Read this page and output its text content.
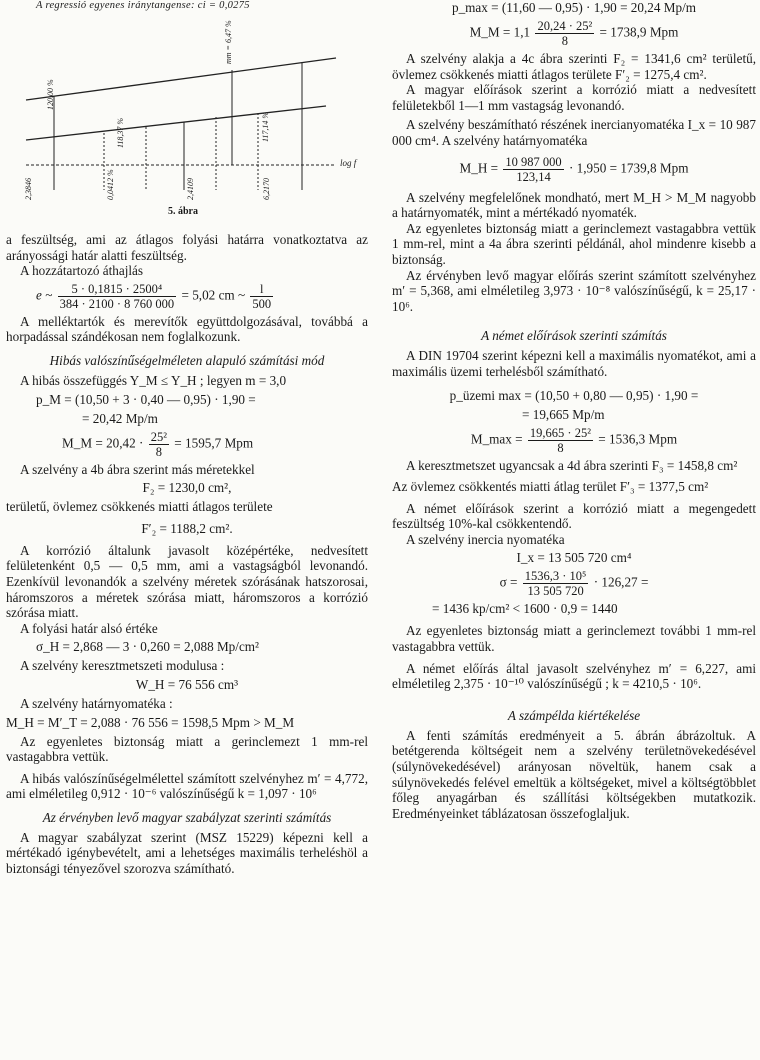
A regressió egyenes iránytangense: ci = 0,0275
120,00 %
mm = 6,47 %
118,37 %	117,14 %
2,3846	0,0412 %	2,4109	6,2170
log f
5. ábra

a feszültség, ami az átlagos folyási határra vonatkoztatva az arányossági határ alatti feszültség.

A hozzátartozó áthajlás

e ~ $\frac{\text{5 · 0,1815 · 2500⁴}}{384 \cdot 2100 \cdot 8 760 000} = 5,02$ cm ~ $\frac{l}{500}$

A melléktartók és merevítők együttdolgozásával, továbbá a horpadással szándékosan nem foglalkozunk.

Hibás valószínűségelméleten alapuló számítási mód

A hibás összefüggés Y_M ≤ Y_H ; legyen m = 3,0

p_M = (10,50 + 3 · 0,40 — 0,95) · 1,90 =
= 20,42 Mp/m
M_M = $20,42 \cdot \frac{\text{25²}}{8} = 1595,7$ Mpm

A szelvény a 4b ábra szerint más méretekkel

F₂ = 1230,0 cm²,

területű, övlemez csökkenés miatti átlagos területe

F′₂ = 1188,2 cm².

A korrózió általunk javasolt középértéke, nedvesített felületenként 0,5 — 0,5 mm, ami a vastagságból levonandó. Ezenkívül levonandók a szelvény méretek szórásának hatszorosai, háromszoros a méretek szórása miatt, háromszoros a korrózió szórása miatt.

A folyási határ alsó értéke

σ_H = 2,868 — 3 · 0,260 = 2,088 Mp/cm²

A szelvény keresztmetszeti modulusa :

W_H = 76 556 cm³

A szelvény határnyomatéka :

M_H = M′_T = 2,088 · 76 556 = 1598,5 Mpm > M_M

Az egyenletes biztonság miatt a gerinclemezt 1 mm-rel vastagabbra vettük.

A hibás valószínűségelmélettel számított szelvényhez m′ = 4,772, ami elméletileg 0,912 · 10⁻⁶ valószínűségű k = 1,097 · 10⁶

Az érvényben levő magyar szabályzat szerinti számítás

A magyar szabályzat szerint (MSZ 15229) képezni kell a mértékadó igénybevételt, ami a lehetséges maximális terheléshöl a biztonsági tényezővel szorozva számítható.

p_max = (11,60 — 0,95) · 1,90 = 20,24 Mp/m
M_M = $1,1 \frac{\text{20,24 · 25²}}{8} = 1738,9$ Mpm

A szelvény alakja a 4c ábra szerinti F₂ = 1341,6 cm² területű, övlemez csökkenés miatti átlagos területe F′₂ = 1275,4 cm².

A magyar előírások szerint a korrózió miatt a nedvesített felületekből 1—1 mm vastagság levonandó.

A szelvény beszámítható részének inercianyomatéka I_x = 10 987 000 cm⁴. A szelvény határnyomatéka

M_H = $\frac{10 987 000}{123,14} \cdot 1,950 = 1739,8$ Mpm

A szelvény megfelelőnek mondható, mert M_H > M_M nagyobb a határnyomaték, mint a mértékadó nyomaték.

Az egyenletes biztonság miatt a gerinclemezt vastagabbra vettük 1 mm-rel, mint a 4a ábra szerinti példánál, ahol mindenre kisebb a biztonság.

Az érvényben levő magyar előírás szerint számított szelvényhez m′ = 5,368, ami elméletileg 3,973 · 10⁻⁸ valószínűségű, k = 25,17 · 10⁶.

A német előírások szerinti számítás

A DIN 19704 szerint képezni kell a maximális nyomatékot, ami a maximális üzemi terhelésből számítható.

p_üzemi max = (10,50 + 0,80 — 0,95) · 1,90 =
= 19,665 Mp/m
M_max = $\frac{\text{19,665 · 25²}}{8} = 1536,3$ Mpm

A keresztmetszet ugyancsak a 4d ábra szerinti F₃ = 1458,8 cm²

Az övlemez csökkentés miatti átlag terület F′₃ = 1377,5 cm²

A német előírások szerint a korrózió miatt a megengedett feszültség 10%-kal csökkentendő.

A szelvény inercia nyomatéka

I_x = 13 505 720 cm⁴
$\sigma = \frac{\text{1536,3 · 10⁵}}{13 505 720} \cdot 126,27$ =
= 1436 kp/cm² < 1600 · 0,9 = 1440

Az egyenletes biztonság miatt a gerinclemezt további 1 mm-rel vastagabbra vettük.

A német előírás által javasolt szelvényhez m′ = 6,227, ami elméletileg 2,375 · 10⁻¹⁰ valószínűségű ; k = 4210,5 · 10⁶.

A számpélda kiértékelése

A fenti számítás eredményeit a 5. ábrán ábrázoltuk. A betétgerenda költségeit nem a szelvény területnövekedésével (súlynövekedésével) arányosan növeltük, hanem csak a súlynövekedés felével emeltük a költségeket, mivel a költségtöbblet főleg anyagárban és szállítási költségekben mutatkozik. Eredményeinket táblázatosan összefoglaljuk.
